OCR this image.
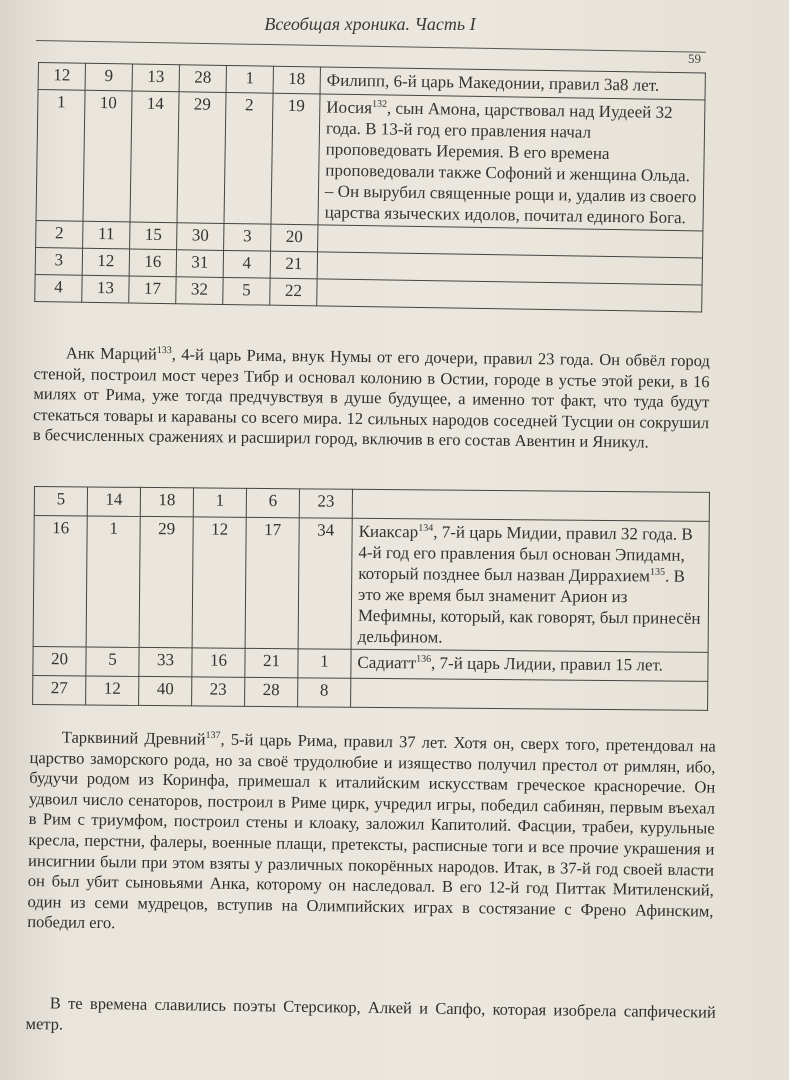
Всеобщая хроника. Часть I
59
12	9	13	28	1	18	Филипп, 6-й царь Македонии, правил 3а8 лет.
1	10	14	29	2	19	Иосия$^{132}$, сын Амона, царствовал над Иудеей 32 года. В 13-й год его правления начал проповедовать Иеремия. В его времена проповедовали также Софоний и женщина Ольда. – Он вырубил священные рощи и, удалив из своего царства языческих идолов, почитал единого Бога.
2	11	15	30	3	20	
3	12	16	31	4	21	
4	13	17	32	5	22	
Анк Марций$^{133}$, 4-й царь Рима, внук Нумы от его дочери, правил 23 года. Он обвёл город стеной, построил мост через Тибр и основал колонию в Остии, городе в устье этой реки, в 16 милях от Рима, уже тогда предчувствуя в душе будущее, а именно тот факт, что туда будут стекаться товары и караваны со всего мира. 12 сильных народов соседней Тусции он сокрушил в бесчисленных сражениях и расширил город, включив в его состав Авентин и Яникул.
5	14	18	1	6	23	
16	1	29	12	17	34	Киаксар$^{134}$, 7-й царь Мидии, правил 32 года. В 4-й год его правления был основан Эпидамн, который позднее был назван Диррахием$^{135}$. В это же время был знаменит Арион из Мефимны, который, как говорят, был принесён дельфином.
20	5	33	16	21	1	Садиатт$^{136}$, 7-й царь Лидии, правил 15 лет.
27	12	40	23	28	8	
Тарквиний Древний$^{137}$, 5-й царь Рима, правил 37 лет. Хотя он, сверх того, претендовал на царство заморского рода, но за своё трудолюбие и изящество получил престол от римлян, ибо, будучи родом из Коринфа, примешал к италийским искусствам греческое красноречие. Он удвоил число сенаторов, построил в Риме цирк, учредил игры, победил сабинян, первым въехал в Рим с триумфом, построил стены и клоаку, заложил Капитолий. Фасции, трабеи, курульные кресла, перстни, фалеры, военные плащи, претексты, расписные тоги и все прочие украшения и инсигнии были при этом взяты у различных покорённых народов. Итак, в 37-й год своей власти он был убит сыновьями Анка, которому он наследовал. В его 12-й год Питтак Митиленский, один из семи мудрецов, вступив на Олимпийских играх в состязание с Френо Афинским, победил его.
В те времена славились поэты Стерсикор, Алкей и Сапфо, которая изобрела сапфический метр.
